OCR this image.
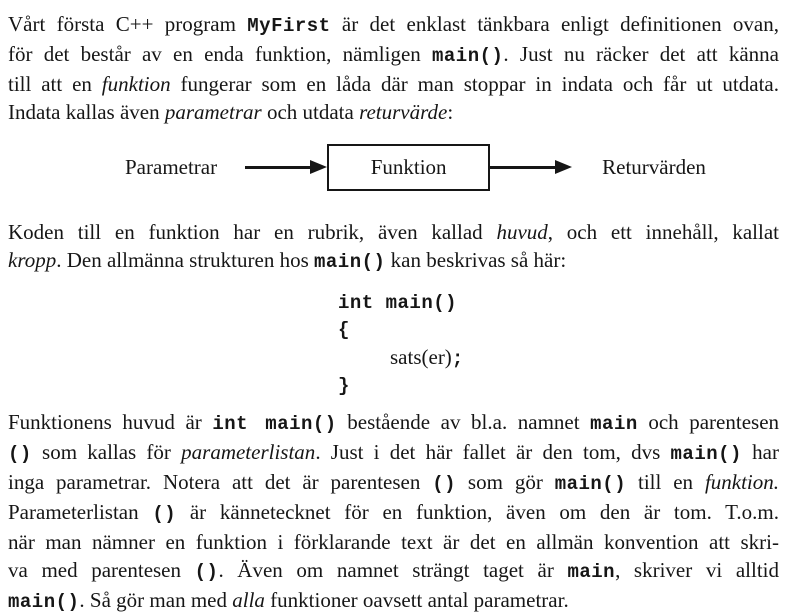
Vårt första C++ program MyFirst är det enklast tänkbara enligt definitionen ovan,
för det består av en enda funktion, nämligen main(). Just nu räcker det att känna
till att en funktion fungerar som en låda där man stoppar in indata och får ut utdata.
Indata kallas även parametrar och utdata returvärde:
Parametrar	Funktion	Returvärden
Koden till en funktion har en rubrik, även kallad huvud, och ett innehåll, kallat
kropp. Den allmänna strukturen hos main() kan beskrivas så här:
int main()
{
sats(er);
}
Funktionens huvud är int main() bestående av bl.a. namnet main och parentesen
() som kallas för parameterlistan. Just i det här fallet är den tom, dvs main() har
inga parametrar. Notera att det är parentesen () som gör main() till en funktion.
Parameterlistan () är kännetecknet för en funktion, även om den är tom. T.o.m.
när man nämner en funktion i förklarande text är det en allmän konvention att skri-
va med parentesen (). Även om namnet strängt taget är main, skriver vi alltid
main(). Så gör man med alla funktioner oavsett antal parametrar.
